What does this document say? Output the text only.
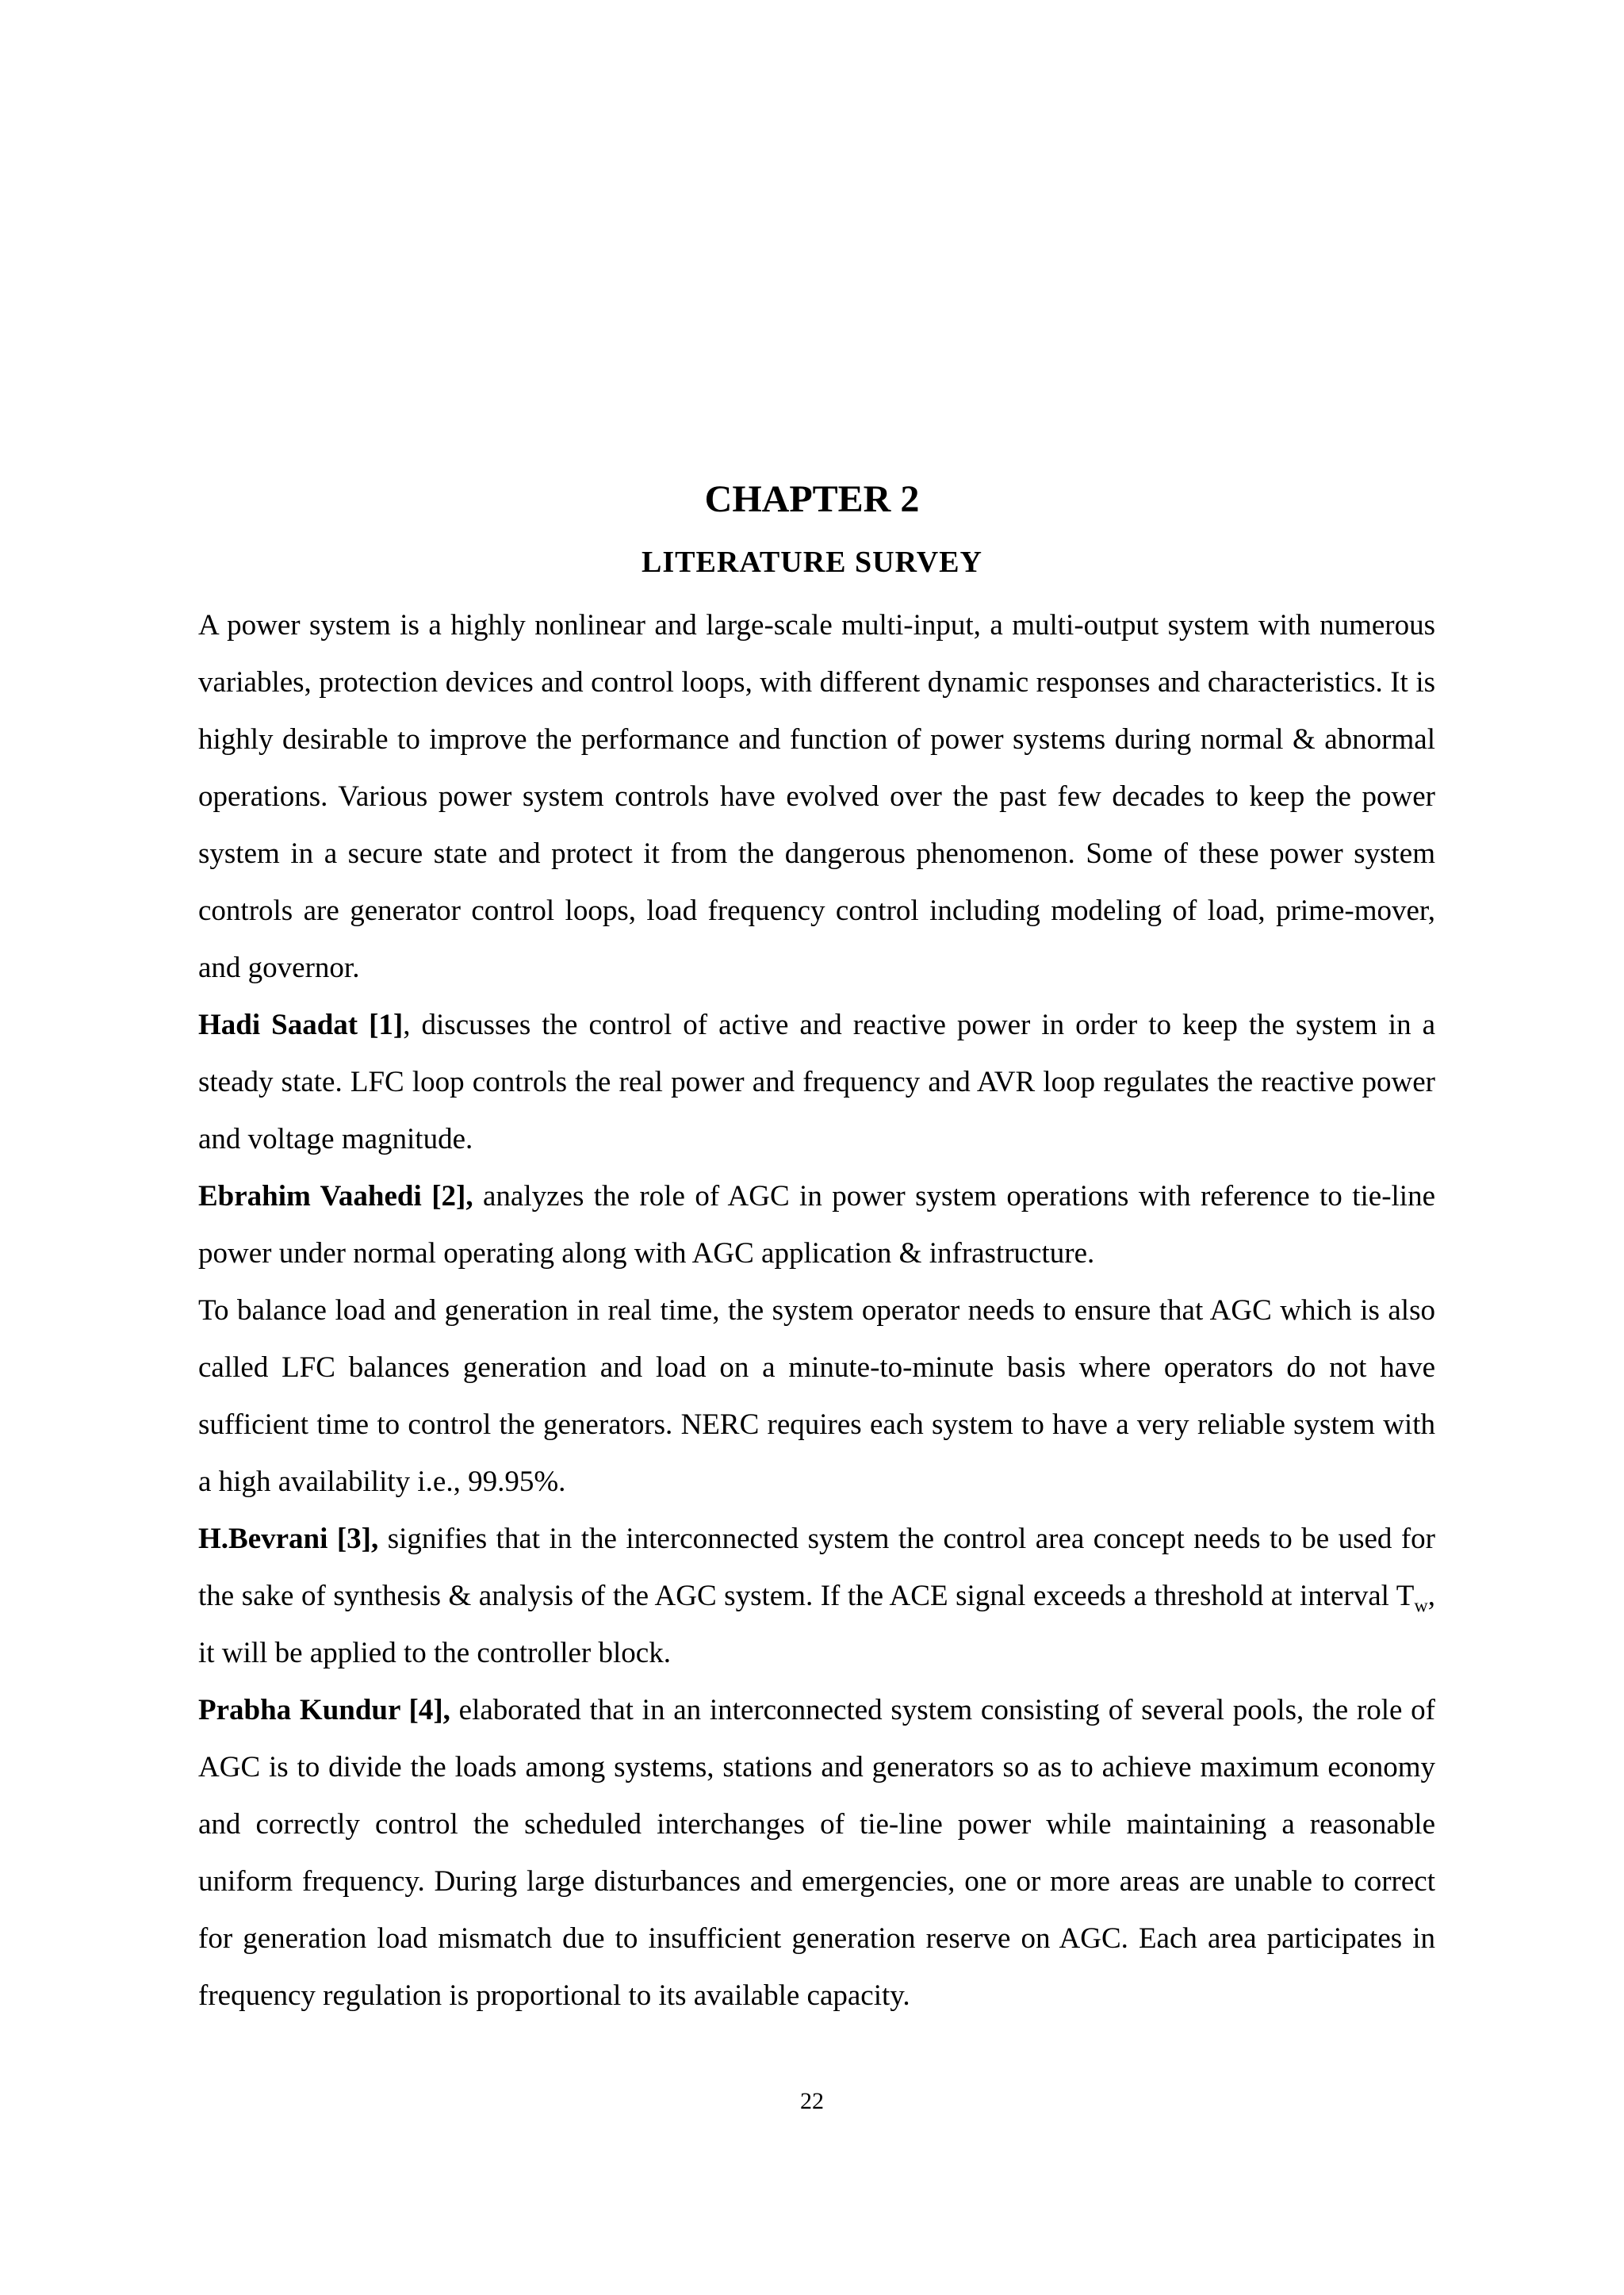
CHAPTER 2
LITERATURE SURVEY

A power system is a highly nonlinear and large-scale multi-input, a multi-output system with numerous variables, protection devices and control loops, with different dynamic responses and characteristics. It is highly desirable to improve the performance and function of power systems during normal & abnormal operations. Various power system controls have evolved over the past few decades to keep the power system in a secure state and protect it from the dangerous phenomenon. Some of these power system controls are generator control loops, load frequency control including modeling of load, prime-mover, and governor.

Hadi Saadat [1], discusses the control of active and reactive power in order to keep the system in a steady state. LFC loop controls the real power and frequency and AVR loop regulates the reactive power and voltage magnitude.

Ebrahim Vaahedi [2], analyzes the role of AGC in power system operations with reference to tie-line power under normal operating along with AGC application & infrastructure.

To balance load and generation in real time, the system operator needs to ensure that AGC which is also called LFC balances generation and load on a minute-to-minute basis where operators do not have sufficient time to control the generators. NERC requires each system to have a very reliable system with a high availability i.e., 99.95%.

H.Bevrani [3], signifies that in the interconnected system the control area concept needs to be used for the sake of synthesis & analysis of the AGC system. If the ACE signal exceeds a threshold at interval $T_w$, it will be applied to the controller block.

Prabha Kundur [4], elaborated that in an interconnected system consisting of several pools, the role of AGC is to divide the loads among systems, stations and generators so as to achieve maximum economy and correctly control the scheduled interchanges of tie-line power while maintaining a reasonable uniform frequency. During large disturbances and emergencies, one or more areas are unable to correct for generation load mismatch due to insufficient generation reserve on AGC. Each area participates in frequency regulation is proportional to its available capacity.

22
